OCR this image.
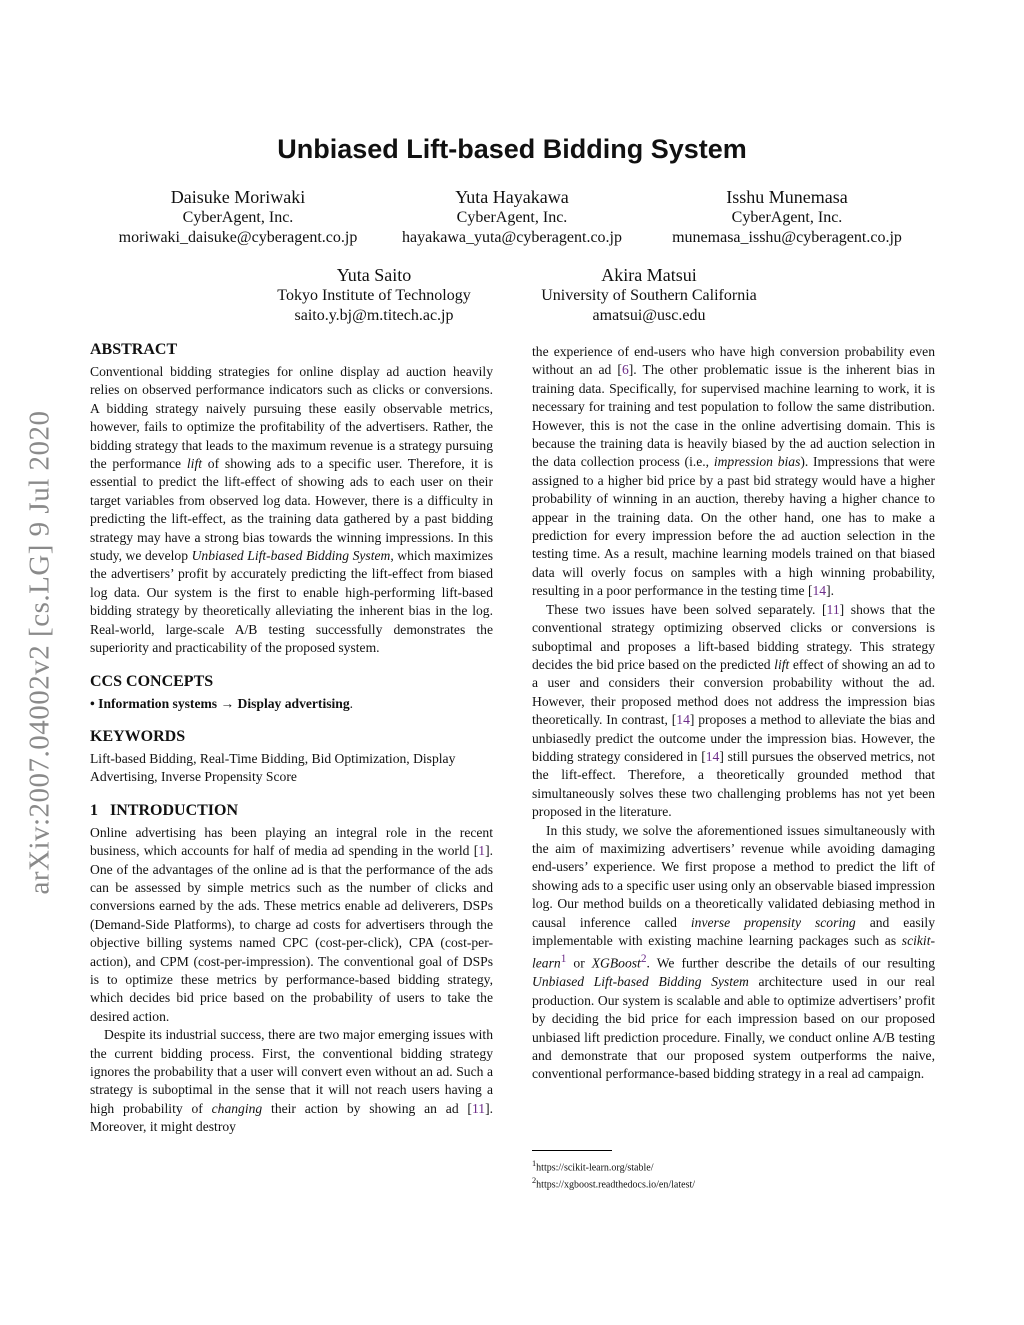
arXiv:2007.04002v2 [cs.LG] 9 Jul 2020
Unbiased Lift-based Bidding System
Daisuke Moriwaki
CyberAgent, Inc.
moriwaki_daisuke@cyberagent.co.jp
Yuta Hayakawa
CyberAgent, Inc.
hayakawa_yuta@cyberagent.co.jp
Isshu Munemasa
CyberAgent, Inc.
munemasa_isshu@cyberagent.co.jp
Yuta Saito
Tokyo Institute of Technology
saito.y.bj@m.titech.ac.jp
Akira Matsui
University of Southern California
amatsui@usc.edu
ABSTRACT

Conventional bidding strategies for online display ad auction heavily relies on observed performance indicators such as clicks or conversions. A bidding strategy naively pursuing these easily observable metrics, however, fails to optimize the profitability of the advertisers. Rather, the bidding strategy that leads to the maximum revenue is a strategy pursuing the performance lift of showing ads to a specific user. Therefore, it is essential to predict the lift-effect of showing ads to each user on their target variables from observed log data. However, there is a difficulty in predicting the lift-effect, as the training data gathered by a past bidding strategy may have a strong bias towards the winning impressions. In this study, we develop Unbiased Lift-based Bidding System, which maximizes the advertisers’ profit by accurately predicting the lift-effect from biased log data. Our system is the first to enable high-performing lift-based bidding strategy by theoretically alleviating the inherent bias in the log. Real-world, large-scale A/B testing successfully demonstrates the superiority and practicability of the proposed system.

CCS CONCEPTS

• Information systems → Display advertising.

KEYWORDS

Lift-based Bidding, Real-Time Bidding, Bid Optimization, Display Advertising, Inverse Propensity Score

1   INTRODUCTION

Online advertising has been playing an integral role in the recent business, which accounts for half of media ad spending in the world [1]. One of the advantages of the online ad is that the performance of the ads can be assessed by simple metrics such as the number of clicks and conversions earned by the ads. These metrics enable ad deliverers, DSPs (Demand-Side Platforms), to charge ad costs for advertisers through the objective billing systems named CPC (cost-per-click), CPA (cost-per-action), and CPM (cost-per-impression). The conventional goal of DSPs is to optimize these metrics by performance-based bidding strategy, which decides bid price based on the probability of users to take the desired action.

Despite its industrial success, there are two major emerging issues with the current bidding process. First, the conventional bidding strategy ignores the probability that a user will convert even without an ad. Such a strategy is suboptimal in the sense that it will not reach users having a high probability of changing their action by showing an ad [11]. Moreover, it might destroy

the experience of end-users who have high conversion probability even without an ad [6]. The other problematic issue is the inherent bias in training data. Specifically, for supervised machine learning to work, it is necessary for training and test population to follow the same distribution. However, this is not the case in the online advertising domain. This is because the training data is heavily biased by the ad auction selection in the data collection process (i.e., impression bias). Impressions that were assigned to a higher bid price by a past bid strategy would have a higher probability of winning in an auction, thereby having a higher chance to appear in the training data. On the other hand, one has to make a prediction for every impression before the ad auction selection in the testing time. As a result, machine learning models trained on that biased data will overly focus on samples with a high winning probability, resulting in a poor performance in the testing time [14].

These two issues have been solved separately. [11] shows that the conventional strategy optimizing observed clicks or conversions is suboptimal and proposes a lift-based bidding strategy. This strategy decides the bid price based on the predicted lift effect of showing an ad to a user and considers their conversion probability without the ad. However, their proposed method does not address the impression bias theoretically. In contrast, [14] proposes a method to alleviate the bias and unbiasedly predict the outcome under the impression bias. However, the bidding strategy considered in [14] still pursues the observed metrics, not the lift-effect. Therefore, a theoretically grounded method that simultaneously solves these two challenging problems has not yet been proposed in the literature.

In this study, we solve the aforementioned issues simultaneously with the aim of maximizing advertisers’ revenue while avoiding damaging end-users’ experience. We first propose a method to predict the lift of showing ads to a specific user using only an observable biased impression log. Our method builds on a theoretically validated debiasing method in causal inference called inverse propensity scoring and easily implementable with existing machine learning packages such as scikit-learn$^1$ or XGBoost$^2$. We further describe the details of our resulting Unbiased Lift-based Bidding System architecture used in our real production. Our system is scalable and able to optimize advertisers’ profit by deciding the bid price for each impression based on our proposed unbiased lift prediction procedure. Finally, we conduct online A/B testing and demonstrate that our proposed system outperforms the naive, conventional performance-based bidding strategy in a real ad campaign.

$^1$https://scikit-learn.org/stable/
$^2$https://xgboost.readthedocs.io/en/latest/
